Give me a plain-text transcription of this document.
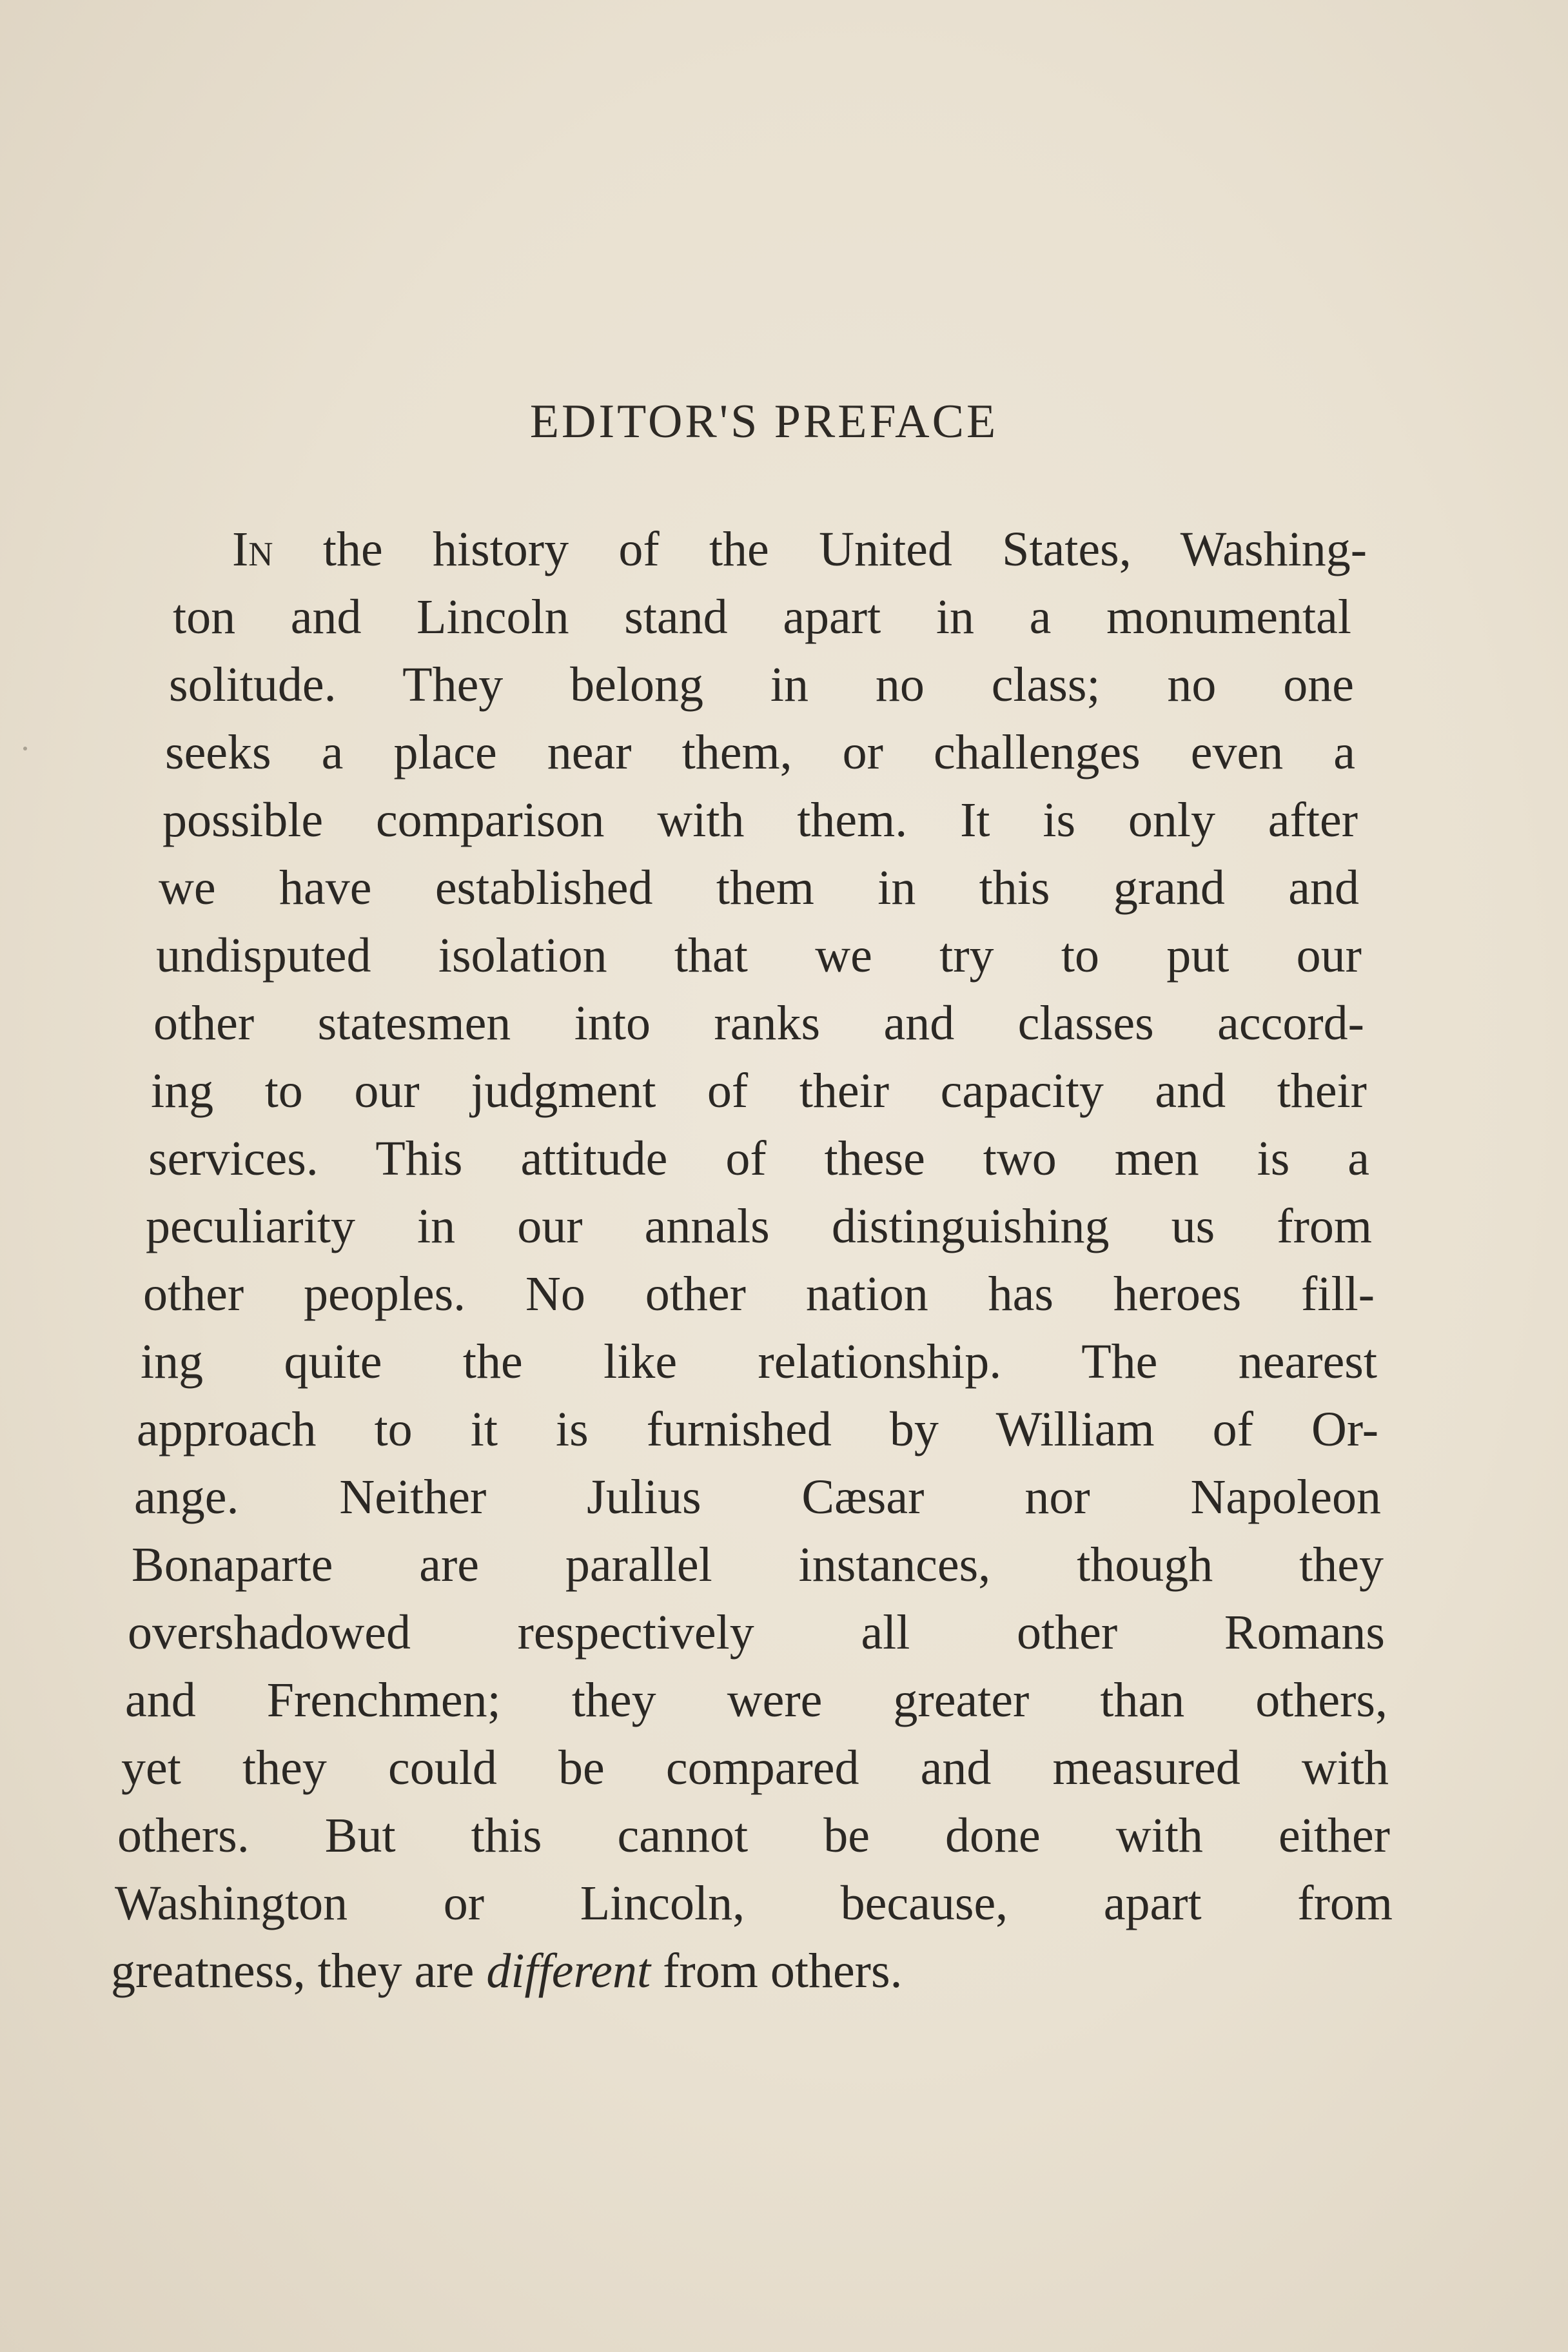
EDITOR'S PREFACE
In the history of the United States, Washing-
ton and Lincoln stand apart in a monumental
solitude. They belong in no class; no one
seeks a place near them, or challenges even a
possible comparison with them. It is only after
we have established them in this grand and
undisputed isolation that we try to put our
other statesmen into ranks and classes accord-
ing to our judgment of their capacity and their
services. This attitude of these two men is a
peculiarity in our annals distinguishing us from
other peoples. No other nation has heroes fill-
ing quite the like relationship. The nearest
approach to it is furnished by William of Or-
ange. Neither Julius Cæsar nor Napoleon
Bonaparte are parallel instances, though they
overshadowed respectively all other Romans
and Frenchmen; they were greater than others,
yet they could be compared and measured with
others. But this cannot be done with either
Washington or Lincoln, because, apart from
greatness, they are different from others.
